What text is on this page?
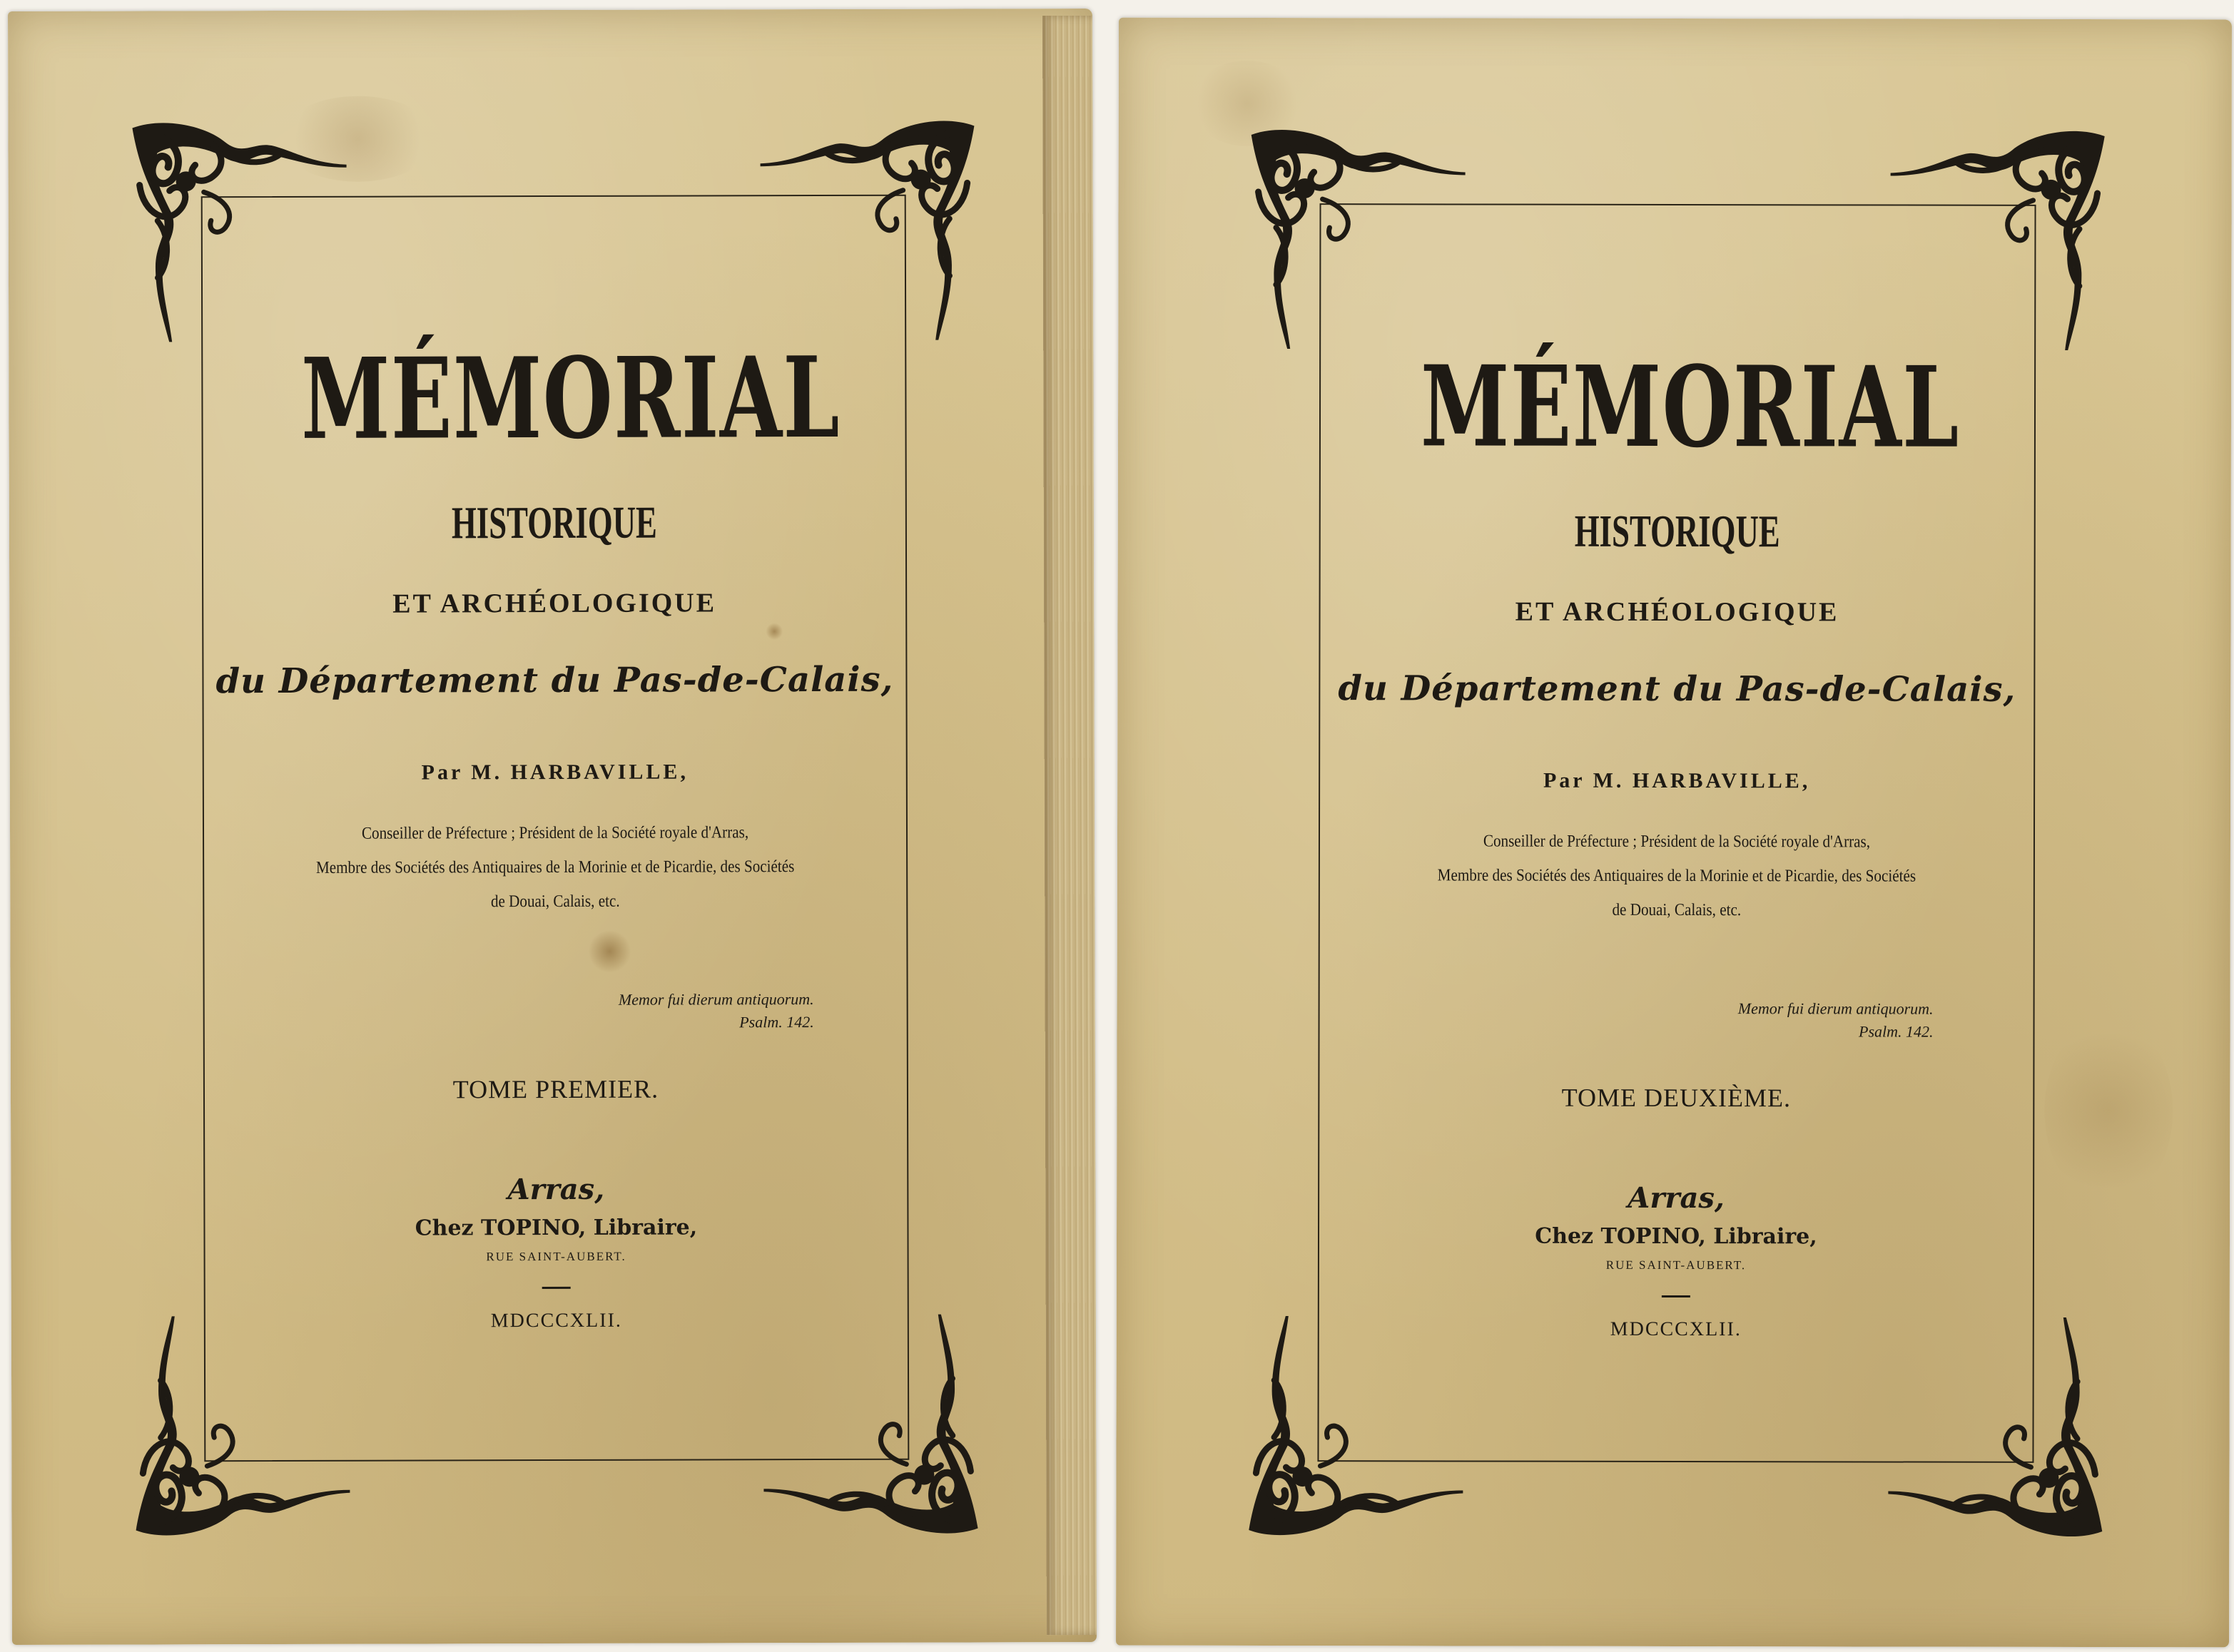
MÉMORIAL
HISTORIQUE
ET ARCHÉOLOGIQUE
du Département du Pas-de-Calais,
Par M. HARBAVILLE,
Conseiller de Préfecture ; Président de la Société royale d'Arras,
Membre des Sociétés des Antiquaires de la Morinie et de Picardie, des Sociétés
de Douai, Calais, etc.
Memor fui dierum antiquorum.
Psalm. 142.
TOME PREMIER.
Arras,
Chez TOPINO, Libraire,
RUE SAINT-AUBERT.
MDCCCXLII.
MÉMORIAL
HISTORIQUE
ET ARCHÉOLOGIQUE
du Département du Pas-de-Calais,
Par M. HARBAVILLE,
Conseiller de Préfecture ; Président de la Société royale d'Arras,
Membre des Sociétés des Antiquaires de la Morinie et de Picardie, des Sociétés
de Douai, Calais, etc.
Memor fui dierum antiquorum.
Psalm. 142.
TOME DEUXIÈME.
Arras,
Chez TOPINO, Libraire,
RUE SAINT-AUBERT.
MDCCCXLII.
